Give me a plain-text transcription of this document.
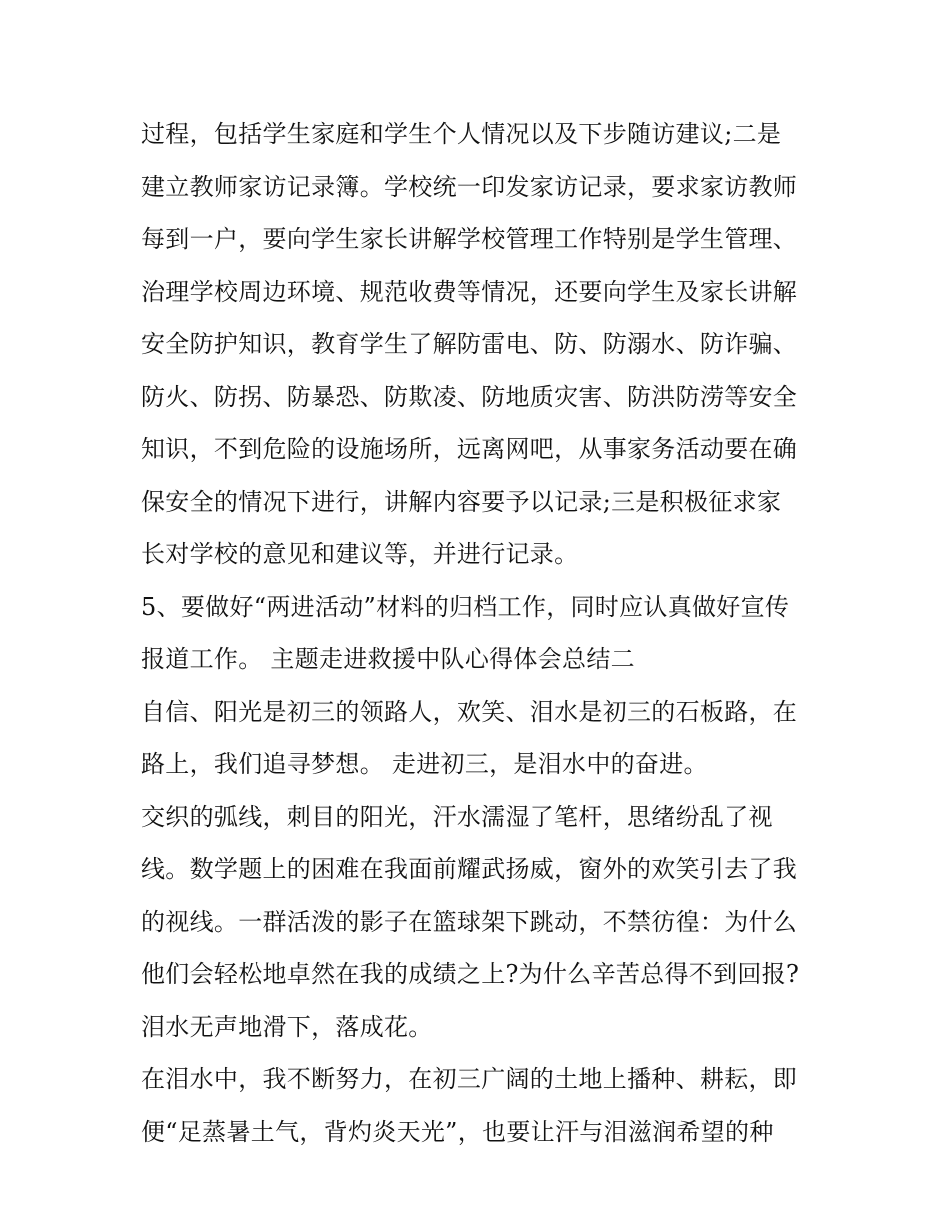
过程，包括学生家庭和学生个人情况以及下步随访建议;二是
建立教师家访记录簿。学校统一印发家访记录，要求家访教师
每到一户，要向学生家长讲解学校管理工作特别是学生管理、
治理学校周边环境、规范收费等情况，还要向学生及家长讲解
安全防护知识，教育学生了解防雷电、防、防溺水、防诈骗、
防火、防拐、防暴恐、防欺凌、防地质灾害、防洪防涝等安全
知识，不到危险的设施场所，远离网吧，从事家务活动要在确
保安全的情况下进行，讲解内容要予以记录;三是积极征求家
长对学校的意见和建议等，并进行记录。
5、要做好“两进活动”材料的归档工作，同时应认真做好宣传
报道工作。 主题走进救援中队心得体会总结二
自信、阳光是初三的领路人，欢笑、泪水是初三的石板路，在
路上，我们追寻梦想。 走进初三，是泪水中的奋进。
交织的弧线，刺目的阳光，汗水濡湿了笔杆，思绪纷乱了视
线。数学题上的困难在我面前耀武扬威，窗外的欢笑引去了我
的视线。一群活泼的影子在篮球架下跳动，不禁彷徨：为什么
他们会轻松地卓然在我的成绩之上?为什么辛苦总得不到回报?
泪水无声地滑下，落成花。
在泪水中，我不断努力，在初三广阔的土地上播种、耕耘，即
便“足蒸暑土气，背灼炎天光”，也要让汗与泪滋润希望的种
